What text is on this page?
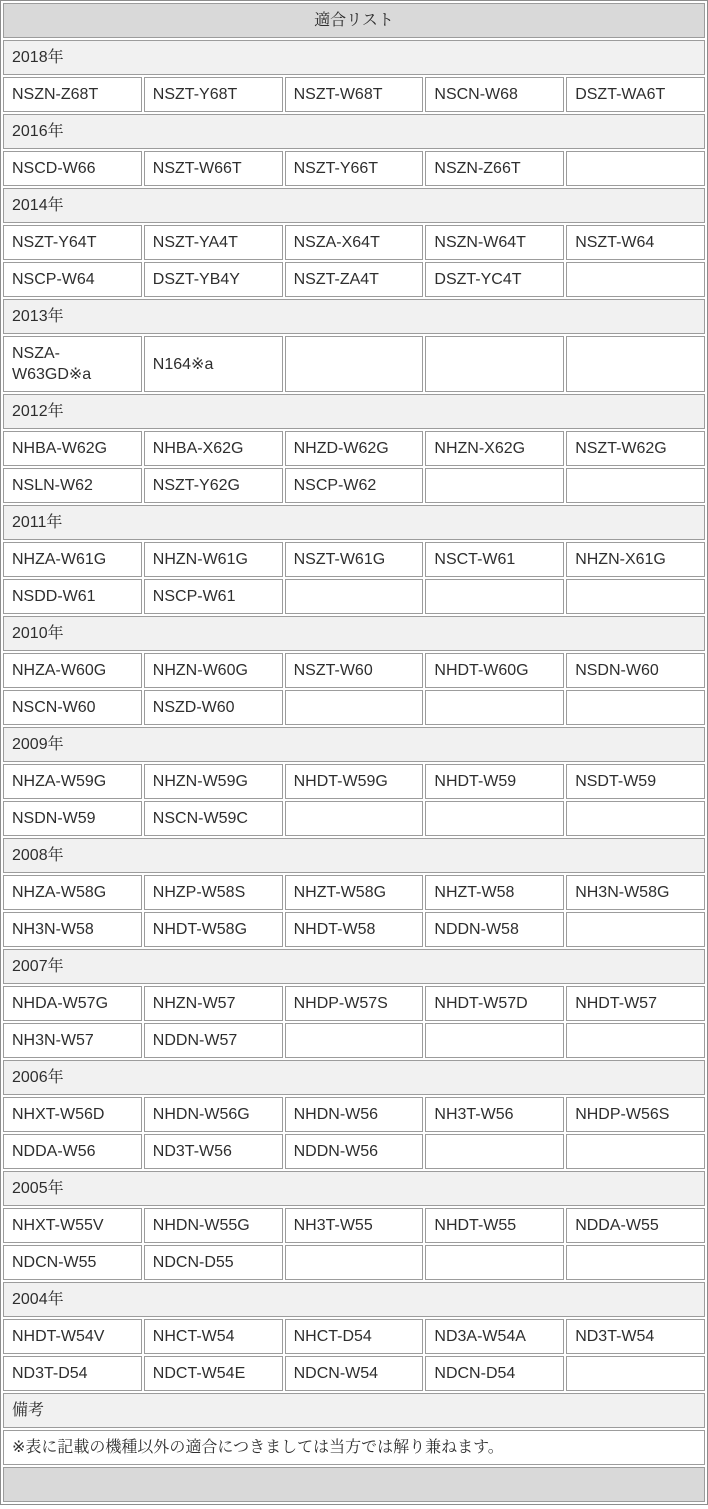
適合リスト				
2018年				
NSZN-Z68T	NSZT-Y68T	NSZT-W68T	NSCN-W68	DSZT-WA6T
2016年				
NSCD-W66	NSZT-W66T	NSZT-Y66T	NSZN-Z66T	
2014年				
NSZT-Y64T	NSZT-YA4T	NSZA-X64T	NSZN-W64T	NSZT-W64
NSCP-W64	DSZT-YB4Y	NSZT-ZA4T	DSZT-YC4T	
2013年				
NSZA-W63GD※a	N164※a			
2012年				
NHBA-W62G	NHBA-X62G	NHZD-W62G	NHZN-X62G	NSZT-W62G
NSLN-W62	NSZT-Y62G	NSCP-W62		
2011年				
NHZA-W61G	NHZN-W61G	NSZT-W61G	NSCT-W61	NHZN-X61G
NSDD-W61	NSCP-W61			
2010年				
NHZA-W60G	NHZN-W60G	NSZT-W60	NHDT-W60G	NSDN-W60
NSCN-W60	NSZD-W60			
2009年				
NHZA-W59G	NHZN-W59G	NHDT-W59G	NHDT-W59	NSDT-W59
NSDN-W59	NSCN-W59C			
2008年				
NHZA-W58G	NHZP-W58S	NHZT-W58G	NHZT-W58	NH3N-W58G
NH3N-W58	NHDT-W58G	NHDT-W58	NDDN-W58	
2007年				
NHDA-W57G	NHZN-W57	NHDP-W57S	NHDT-W57D	NHDT-W57
NH3N-W57	NDDN-W57			
2006年				
NHXT-W56D	NHDN-W56G	NHDN-W56	NH3T-W56	NHDP-W56S
NDDA-W56	ND3T-W56	NDDN-W56		
2005年				
NHXT-W55V	NHDN-W55G	NH3T-W55	NHDT-W55	NDDA-W55
NDCN-W55	NDCN-D55			
2004年				
NHDT-W54V	NHCT-W54	NHCT-D54	ND3A-W54A	ND3T-W54
ND3T-D54	NDCT-W54E	NDCN-W54	NDCN-D54	
備考				
※表に記載の機種以外の適合につきましては当方では解り兼ねます。				
